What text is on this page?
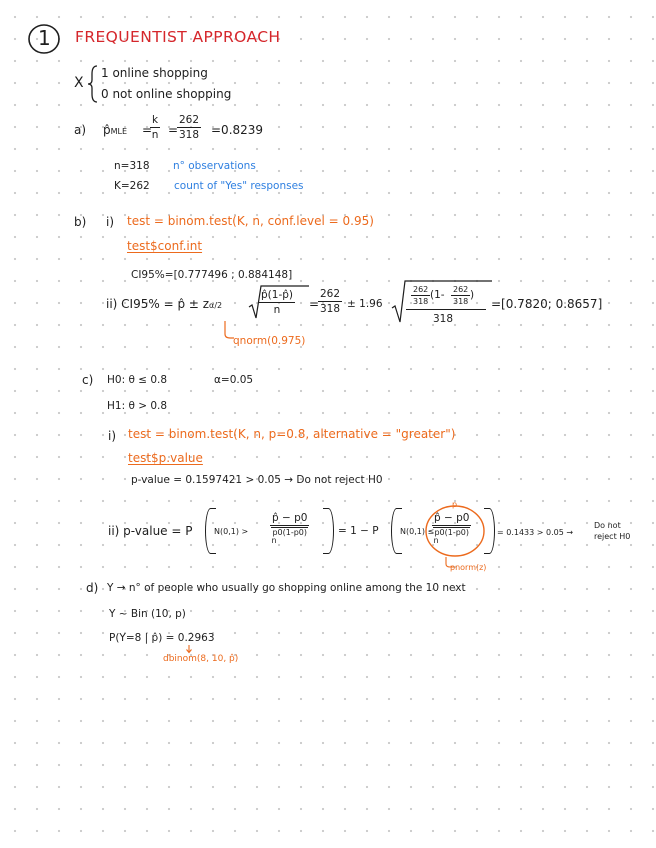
1 FREQUENTIST APPROACH
X
1 online shopping
0 not online shopping
a) p̂MLE =
$\frac{k}{n}$ =
$\frac{262}{318} =0.8239$
n=318 n° observations
K=262 count of "Yes" responses
b) i) test = binom.test(K, n, conf.level = 0.95)
test$conf.int
CI95%=[0.777496 ; 0.884148]
ii) CI95% = p̂ ± zα/2	$\frac{p̂(1-p̂)}{n}$ =
$\frac{262}{318} \pm 1.96$	$\frac{262}{318} (1- \frac{262}{318}$ )
318
=[0.7820; 0.8657]
qnorm(0.975)
c) H0: θ ≤ 0.8	α=0.05
H1: θ > 0.8
i) test = binom.test(K, n, p=0.8, alternative = "greater")
test$p.value
p-value = 0.1597421 > 0.05 → Do not reject H0
ii) p-value = P	N(0,1) >
p̂ − p0
p0(1-p0)
n
= 1 − P	N(0,1) ≤
p
p̂ − p0
p0(1-p0)
n
= 0.1433 > 0.05 →
Do not
reject H0
pnorm(z)
d) Y → n° of people who usually go shopping online among the 10 next
Y ~ Bin (10, p)
P(Y=8 | p̂) = 0.2963
dbinom(8, 10, p̂)
